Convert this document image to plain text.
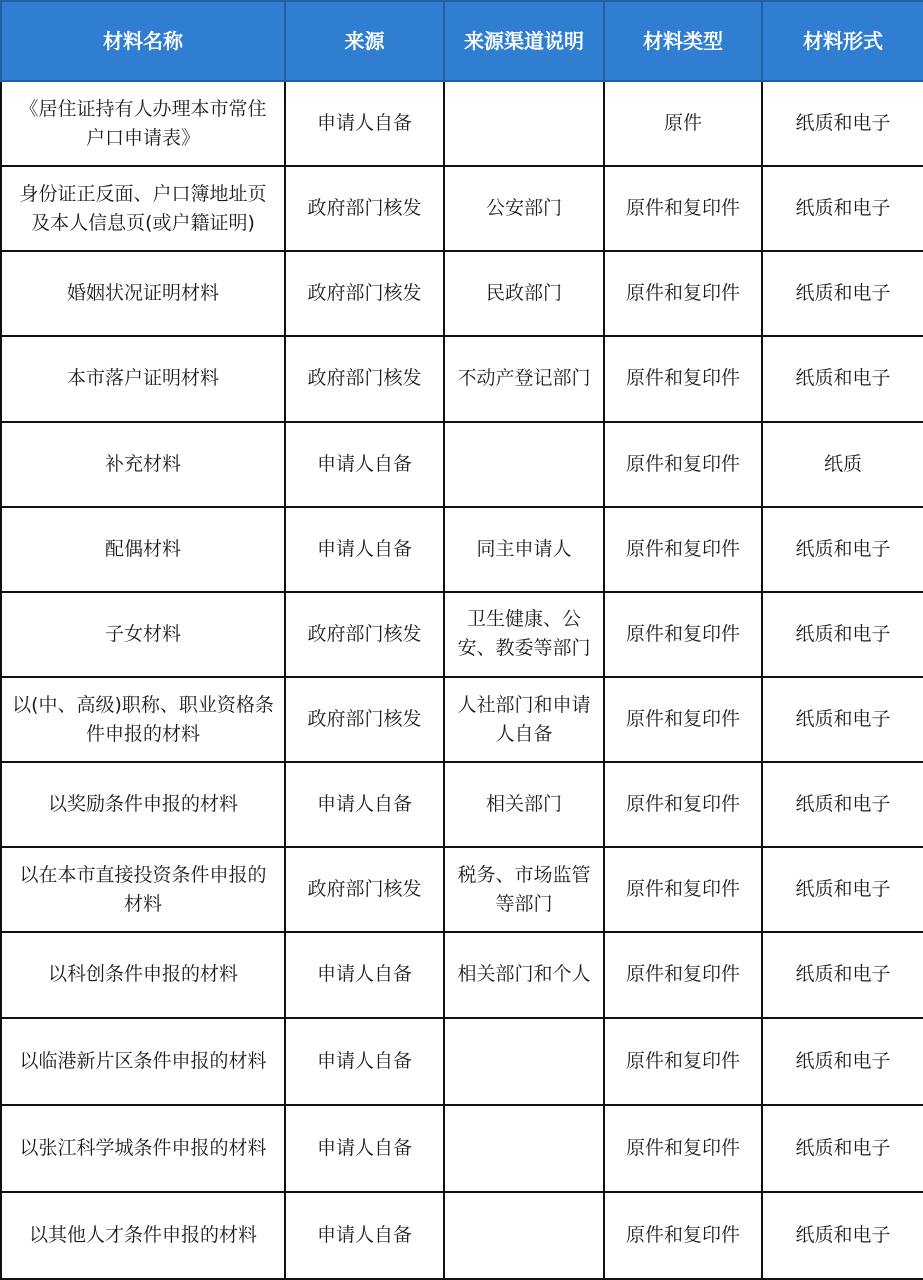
材料名称	来源	来源渠道说明	材料类型	材料形式
《居住证持有人办理本市常住户口申请表》	申请人自备		原件	纸质和电子
身份证正反面、户口簿地址页及本人信息页(或户籍证明)	政府部门核发	公安部门	原件和复印件	纸质和电子
婚姻状况证明材料	政府部门核发	民政部门	原件和复印件	纸质和电子
本市落户证明材料	政府部门核发	不动产登记部门	原件和复印件	纸质和电子
补充材料	申请人自备		原件和复印件	纸质
配偶材料	申请人自备	同主申请人	原件和复印件	纸质和电子
子女材料	政府部门核发	卫生健康、公安、教委等部门	原件和复印件	纸质和电子
以(中、高级)职称、职业资格条件申报的材料	政府部门核发	人社部门和申请人自备	原件和复印件	纸质和电子
以奖励条件申报的材料	申请人自备	相关部门	原件和复印件	纸质和电子
以在本市直接投资条件申报的材料	政府部门核发	税务、市场监管等部门	原件和复印件	纸质和电子
以科创条件申报的材料	申请人自备	相关部门和个人	原件和复印件	纸质和电子
以临港新片区条件申报的材料	申请人自备		原件和复印件	纸质和电子
以张江科学城条件申报的材料	申请人自备		原件和复印件	纸质和电子
以其他人才条件申报的材料	申请人自备		原件和复印件	纸质和电子
